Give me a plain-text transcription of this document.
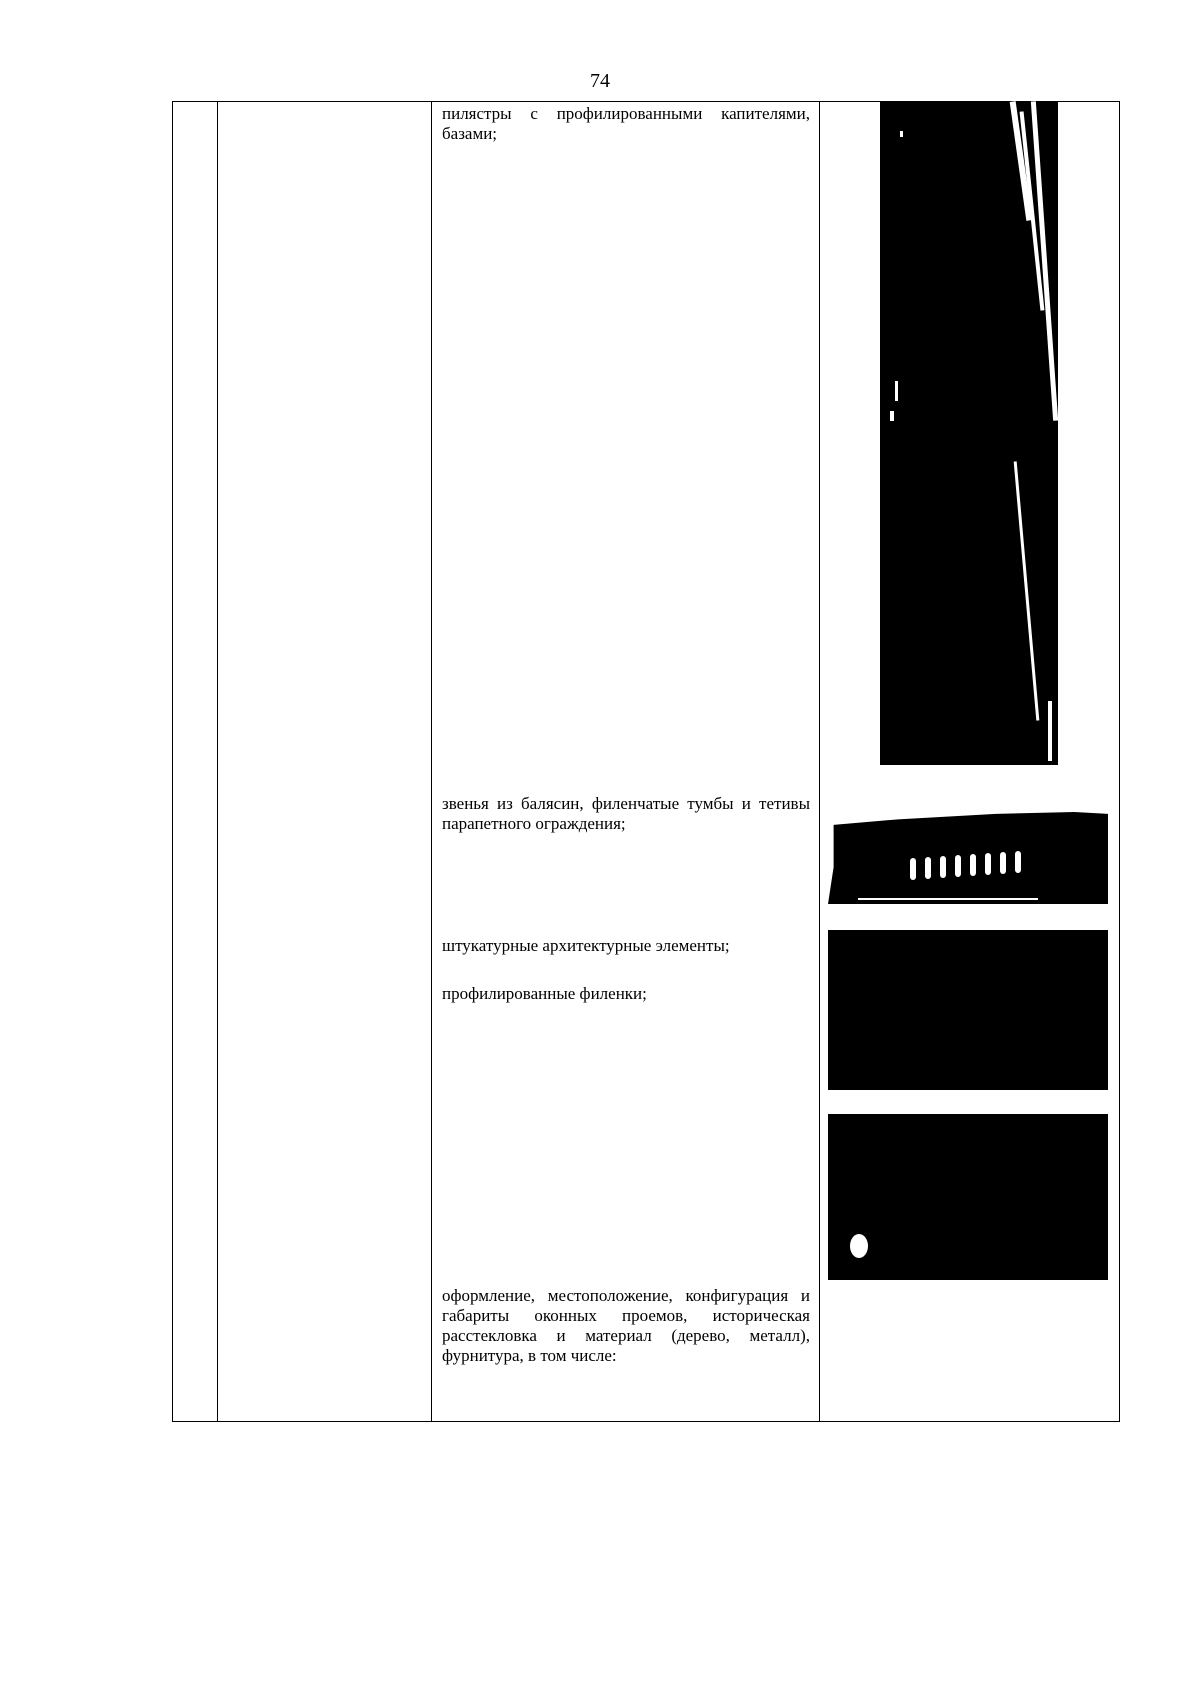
74
пилястры с профилированными капителями, базами;
звенья из балясин, филенчатые тумбы и тетивы парапетного ограждения;
штукатурные архитектурные элементы;
профилированные филенки;
оформление, местоположение, конфигурация и габариты оконных проемов, историческая расстекловка и материал (дерево, металл), фурнитура, в том числе:
